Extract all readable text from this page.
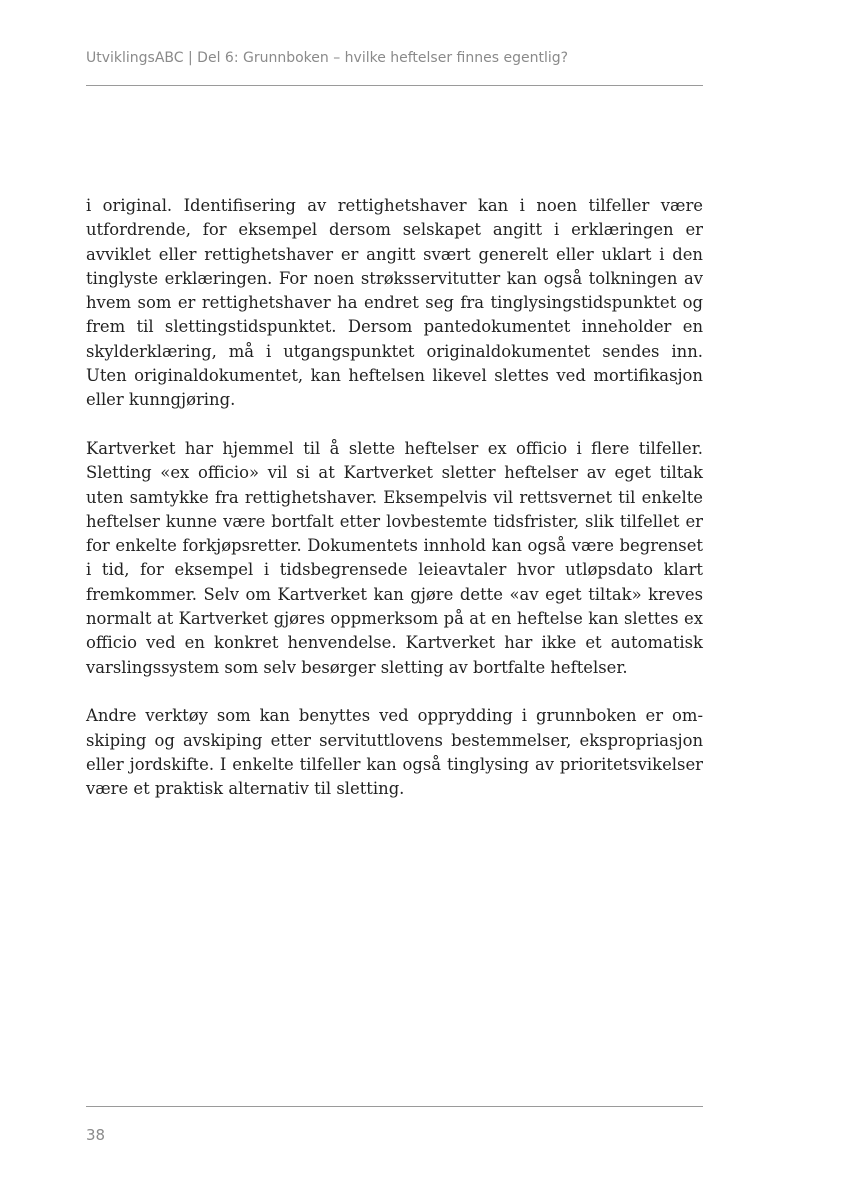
UtviklingsABC | Del 6: Grunnboken – hvilke heftelser finnes egentlig?

i original. Identifisering av rettighetshaver kan i noen tilfeller være utfordrende, for eksempel dersom selskapet angitt i erklæringen er avviklet eller rettighetshaver er angitt svært generelt eller uklart i den tinglyste erklæringen. For noen strøksservitutter kan også tolkningen av hvem som er rettighetshaver ha endret seg fra tinglysingstidspunktet og frem til slettingstidspunktet. Dersom pantedokumentet inneholder en skylderklæring, må i utgangspunktet originaldokumentet sendes inn. Uten originaldokumentet, kan heftelsen likevel slettes ved mortifikasjon eller kunngjøring.

Kartverket har hjemmel til å slette heftelser ex officio i flere tilfeller. Sletting «ex officio» vil si at Kartverket sletter heftelser av eget tiltak uten samtykke fra rettighetshaver. Eksempelvis vil rettsvernet til enkelte heftelser kunne være bortfalt etter lovbestemte tidsfrister, slik tilfellet er for enkelte forkjøpsretter. Dokumentets innhold kan også være begrenset i tid, for eksempel i tidsbegrensede leieavtaler hvor utløpsdato klart fremkommer. Selv om Kartverket kan gjøre dette «av eget tiltak» kreves normalt at Kartverket gjøres oppmerksom på at en heftelse kan slettes ex officio ved en konkret henvendelse. Kartverket har ikke et automatisk varslingssystem som selv besørger sletting av bortfalte heftelser.

Andre verktøy som kan benyttes ved opprydding i grunnboken er omskiping og avskiping etter servituttlovens bestemmelser, ekspropriasjon eller jordskifte. I enkelte tilfeller kan også tinglysing av prioritetsvikelser være et praktisk alternativ til sletting.

38
